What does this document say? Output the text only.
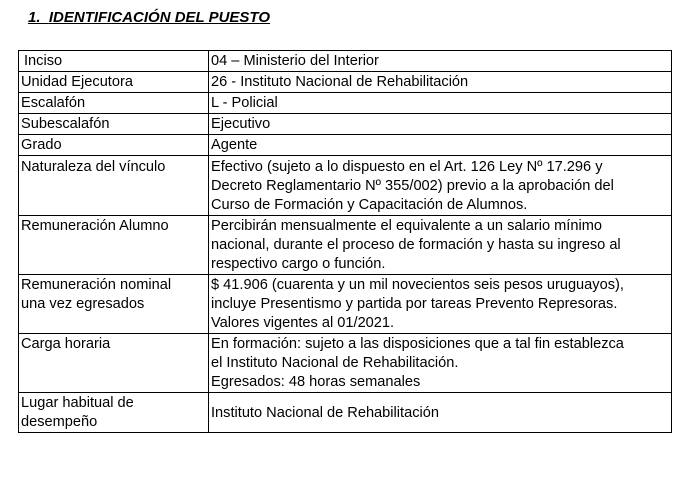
1. IDENTIFICACIÓN DEL PUESTO
Inciso	04 – Ministerio del Interior

Unidad Ejecutora	26 - Instituto Nacional de Rehabilitación

Escalafón	L - Policial

Subescalafón	Ejecutivo

Grado	Agente

Naturaleza del vínculo	Efectivo (sujeto a lo dispuesto en el Art. 126 Ley Nº 17.296 y
Decreto Reglamentario Nº 355/002) previo a la aprobación del
Curso de Formación y Capacitación de Alumnos.

Remuneración Alumno	Percibirán mensualmente el equivalente a un salario mínimo
nacional, durante el proceso de formación y hasta su ingreso al
respectivo cargo o función.

Remuneración nominal
una vez egresados	$ 41.906 (cuarenta y un mil novecientos seis pesos uruguayos),
incluye Presentismo y partida por tareas Prevento Represoras.
Valores vigentes al 01/2021.

Carga horaria	En formación: sujeto a las disposiciones que a tal fin establezca
el Instituto Nacional de Rehabilitación.
Egresados: 48 horas semanales

Lugar habitual de
desempeño	Instituto Nacional de Rehabilitación
